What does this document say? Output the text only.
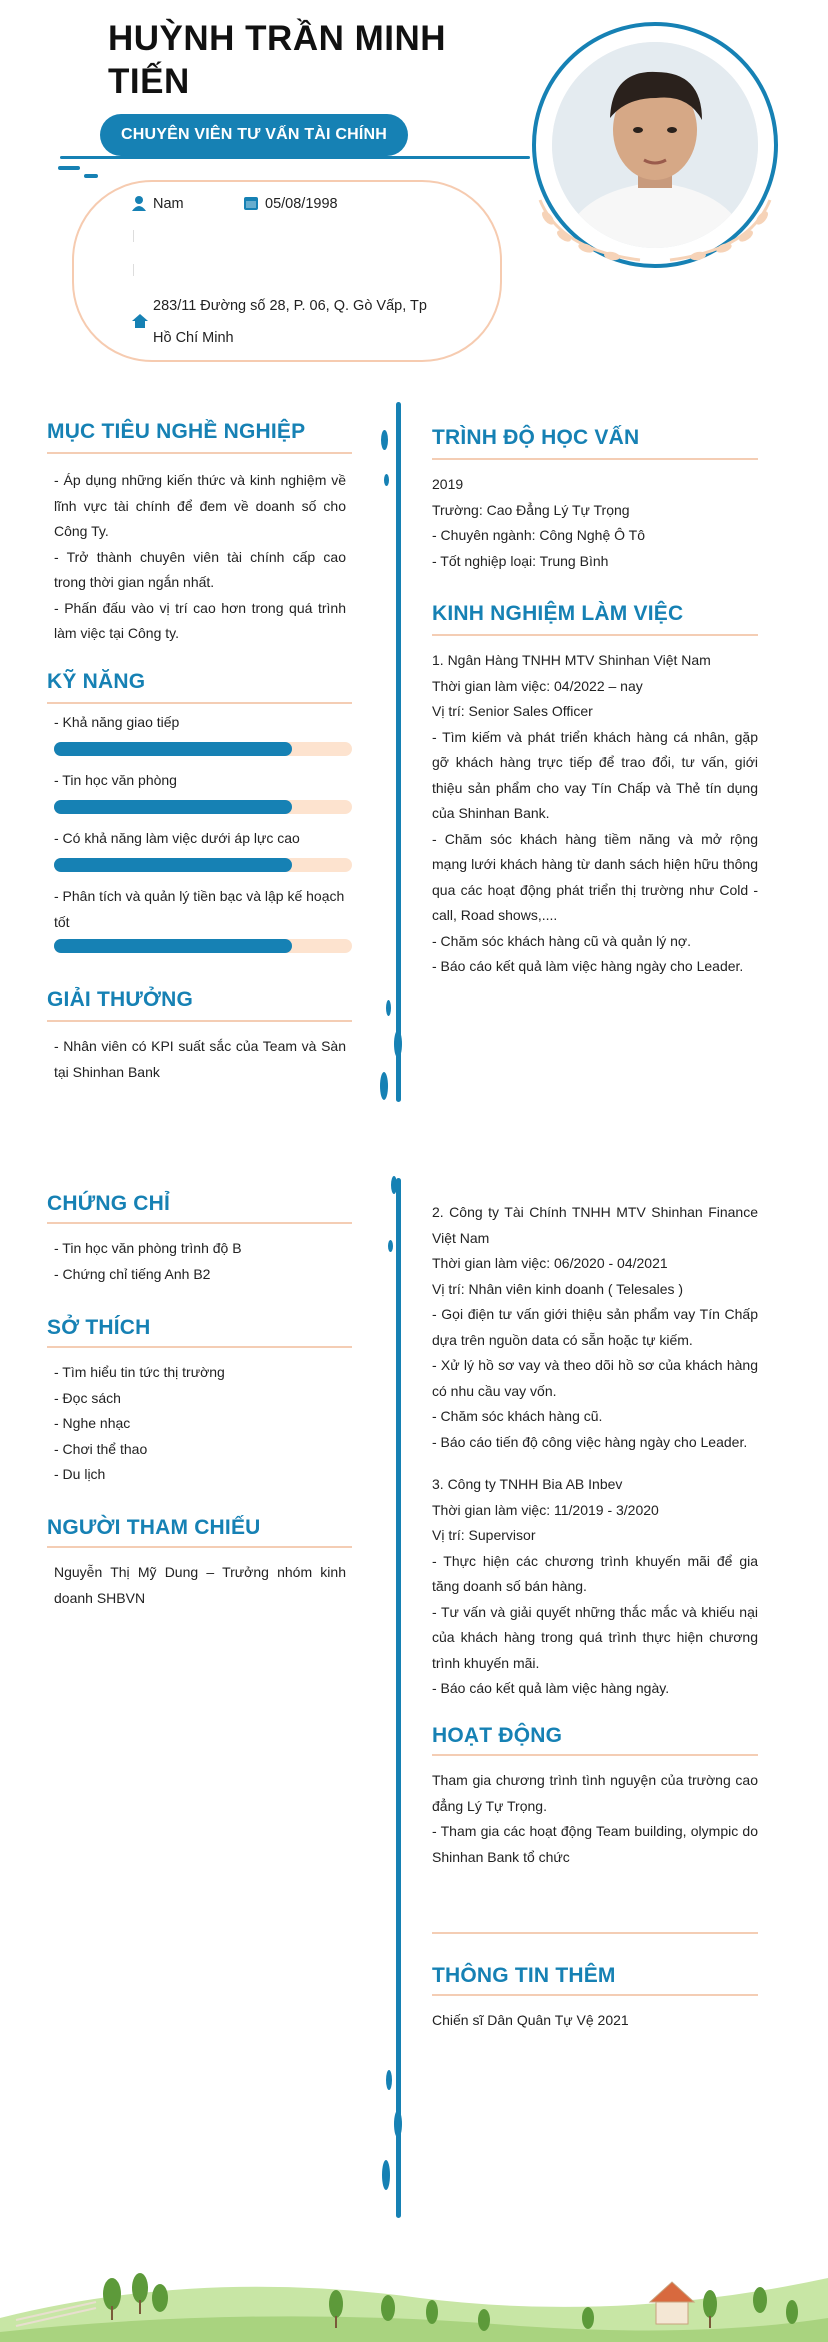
HUỲNH TRẦN MINH
TIẾN
CHUYÊN VIÊN TƯ VẤN TÀI CHÍNH
Nam	05/08/1998
283/11 Đường số 28, P. 06, Q. Gò Vấp, Tp
Hồ Chí Minh
MỤC TIÊU NGHỀ NGHIỆP
- Áp dụng những kiến thức và kinh nghiệm về lĩnh vực tài chính để đem về doanh số cho Công Ty.
- Trở thành chuyên viên tài chính cấp cao trong thời gian ngắn nhất.
- Phấn đấu vào vị trí cao hơn trong quá trình làm việc tại Công ty.
KỸ NĂNG
- Khả năng giao tiếp
- Tin học văn phòng
- Có khả năng làm việc dưới áp lực cao
- Phân tích và quản lý tiền bạc và lập kế hoạch tốt
GIẢI THƯỞNG
- Nhân viên có KPI suất sắc của Team và Sàn tại Shinhan Bank
TRÌNH ĐỘ HỌC VẤN
2019
Trường: Cao Đẳng Lý Tự Trọng
- Chuyên ngành: Công Nghệ Ô Tô
- Tốt nghiệp loại: Trung Bình
KINH NGHIỆM LÀM VIỆC
1. Ngân Hàng TNHH MTV Shinhan Việt Nam
Thời gian làm việc: 04/2022 – nay
Vị trí: Senior Sales Officer
- Tìm kiếm và phát triển khách hàng cá nhân, gặp gỡ khách hàng trực tiếp để trao đổi, tư vấn, giới thiệu sản phẩm cho vay Tín Chấp và Thẻ tín dụng của Shinhan Bank.
- Chăm sóc khách hàng tiềm năng và mở rộng mạng lưới khách hàng từ danh sách hiện hữu thông qua các hoạt động phát triển thị trường như Cold - call, Road shows,....
- Chăm sóc khách hàng cũ và quản lý nợ.
- Báo cáo kết quả làm việc hàng ngày cho Leader.
CHỨNG CHỈ
- Tin học văn phòng trình độ B
- Chứng chỉ tiếng Anh B2
SỞ THÍCH
- Tìm hiểu tin tức thị trường
- Đọc sách
- Nghe nhạc
- Chơi thể thao
- Du lịch
NGƯỜI THAM CHIẾU
Nguyễn Thị Mỹ Dung – Trưởng nhóm kinh doanh SHBVN
2. Công ty Tài Chính TNHH MTV Shinhan Finance Việt Nam
Thời gian làm việc: 06/2020 - 04/2021
Vị trí: Nhân viên kinh doanh ( Telesales )
- Gọi điện tư vấn giới thiệu sản phẩm vay Tín Chấp dựa trên nguồn data có sẵn hoặc tự kiếm.
- Xử lý hồ sơ vay và theo dõi hồ sơ của khách hàng có nhu cầu vay vốn.
- Chăm sóc khách hàng cũ.
- Báo cáo tiến độ công việc hàng ngày cho Leader.
3. Công ty TNHH Bia AB Inbev
Thời gian làm việc: 11/2019 - 3/2020
Vị trí: Supervisor
- Thực hiện các chương trình khuyến mãi để gia tăng doanh số bán hàng.
- Tư vấn và giải quyết những thắc mắc và khiếu nại của khách hàng trong quá trình thực hiện chương trình khuyến mãi.
- Báo cáo kết quả làm việc hàng ngày.
HOẠT ĐỘNG
Tham gia chương trình tình nguyện của trường cao đẳng Lý Tự Trọng.
- Tham gia các hoạt động Team building, olympic do Shinhan Bank tổ chức
THÔNG TIN THÊM
Chiến sĩ Dân Quân Tự Vệ 2021
